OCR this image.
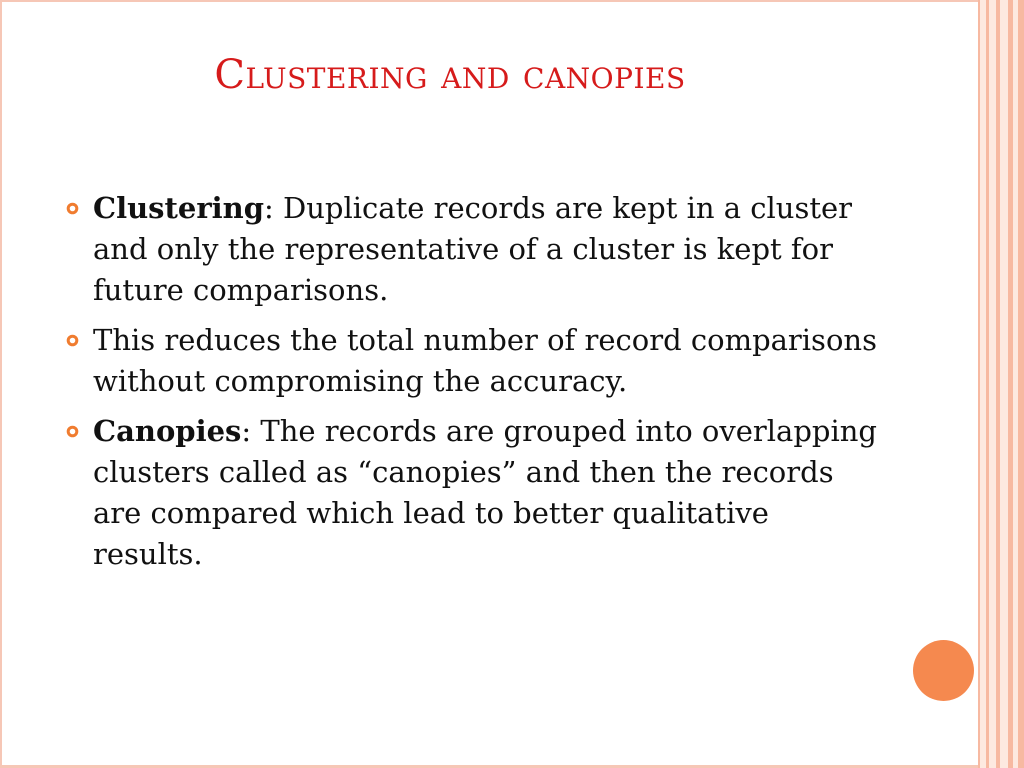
Clustering and canopies
Clustering: Duplicate records are kept in a cluster and only the representative of a cluster is kept for future comparisons.
This reduces the total number of record comparisons without compromising the accuracy.
Canopies: The records are grouped into overlapping clusters called as “canopies” and then the records are compared which lead to better qualitative results.
